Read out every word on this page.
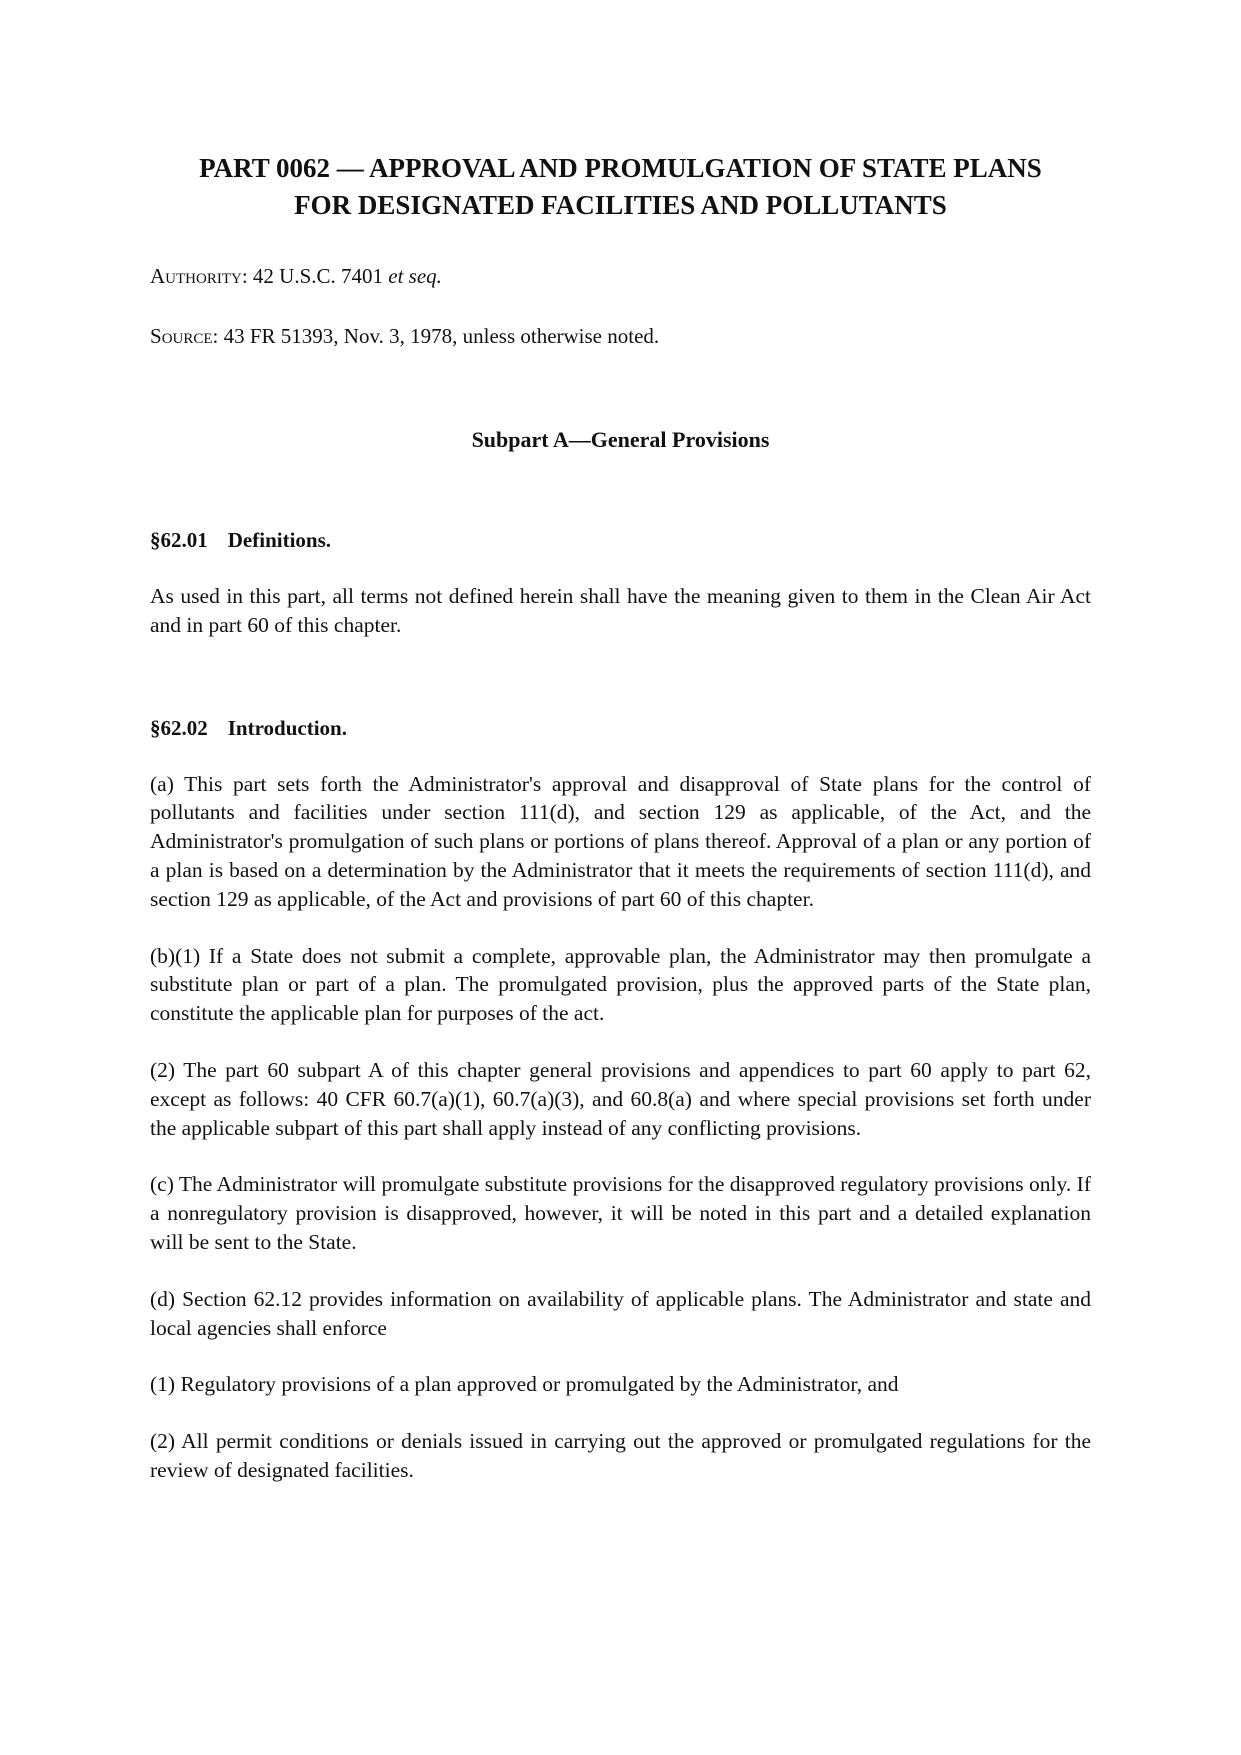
PART 0062 — APPROVAL AND PROMULGATION OF STATE PLANS
FOR DESIGNATED FACILITIES AND POLLUTANTS

Authority: 42 U.S.C. 7401 et seq.

Source: 43 FR 51393, Nov. 3, 1978, unless otherwise noted.

Subpart A—General Provisions
§62.01 Definitions.

As used in this part, all terms not defined herein shall have the meaning given to them in the Clean Air Act and in part 60 of this chapter.

§62.02 Introduction.

(a) This part sets forth the Administrator's approval and disapproval of State plans for the control of pollutants and facilities under section 111(d), and section 129 as applicable, of the Act, and the Administrator's promulgation of such plans or portions of plans thereof. Approval of a plan or any portion of a plan is based on a determination by the Administrator that it meets the requirements of section 111(d), and section 129 as applicable, of the Act and provisions of part 60 of this chapter.

(b)(1) If a State does not submit a complete, approvable plan, the Administrator may then promulgate a substitute plan or part of a plan. The promulgated provision, plus the approved parts of the State plan, constitute the applicable plan for purposes of the act.

(2) The part 60 subpart A of this chapter general provisions and appendices to part 60 apply to part 62, except as follows: 40 CFR 60.7(a)(1), 60.7(a)(3), and 60.8(a) and where special provisions set forth under the applicable subpart of this part shall apply instead of any conflicting provisions.

(c) The Administrator will promulgate substitute provisions for the disapproved regulatory provisions only. If a nonregulatory provision is disapproved, however, it will be noted in this part and a detailed explanation will be sent to the State.

(d) Section 62.12 provides information on availability of applicable plans. The Administrator and state and local agencies shall enforce

(1) Regulatory provisions of a plan approved or promulgated by the Administrator, and

(2) All permit conditions or denials issued in carrying out the approved or promulgated regulations for the review of designated facilities.
